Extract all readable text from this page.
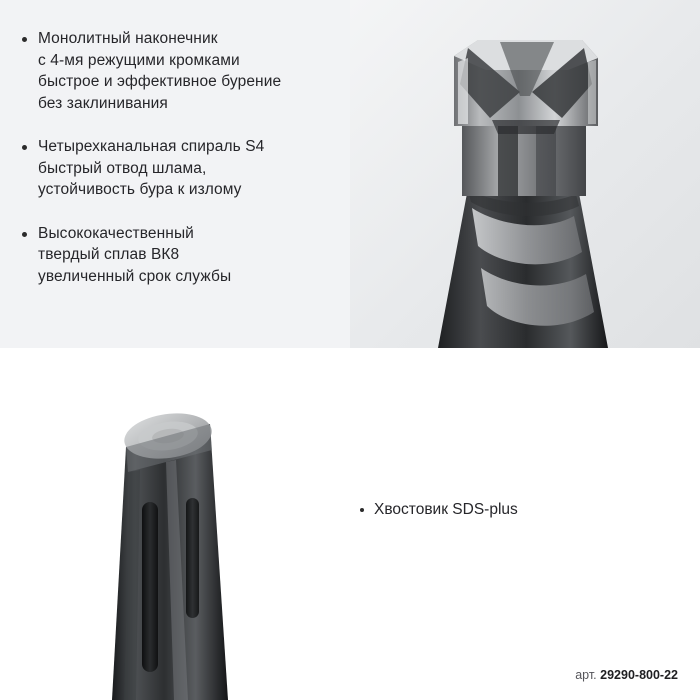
Монолитный наконечник
с 4-мя режущими кромками
быстрое и эффективное бурение
без заклинивания
Четырехканальная спираль S4
быстрый отвод шлама,
устойчивость бура к излому
Высококачественный
твердый сплав ВК8
увеличенный срок службы
Хвостовик SDS-plus
арт. 29290-800-22
